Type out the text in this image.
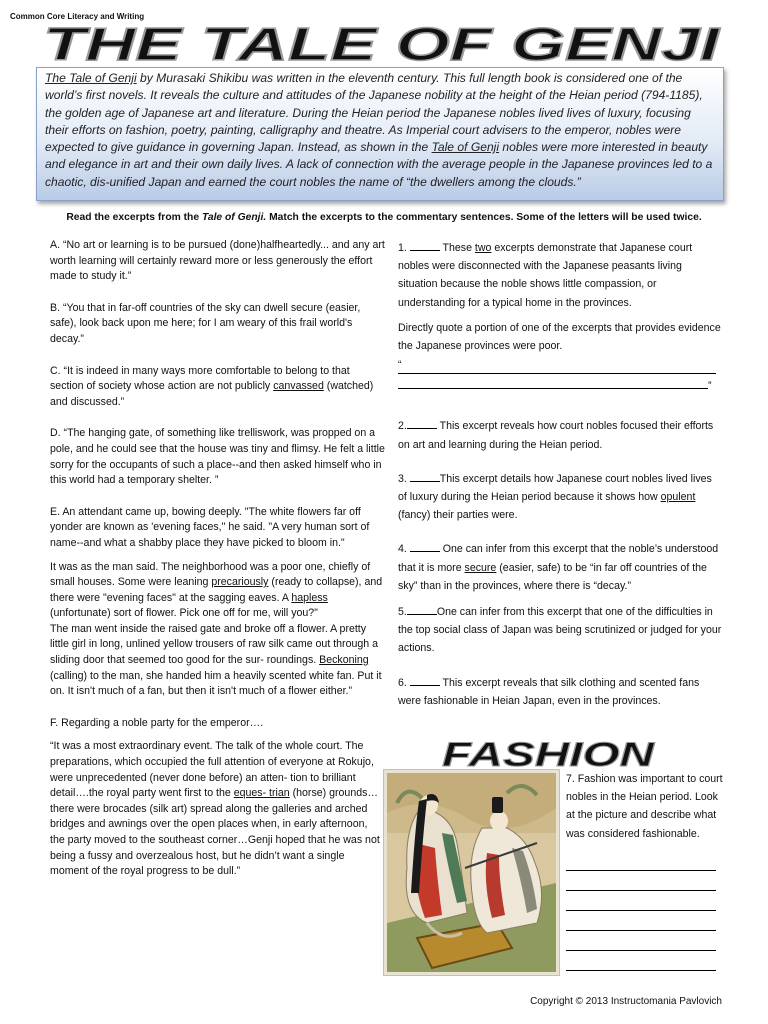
Common Core Literacy and Writing
THE TALE OF GENJI
The Tale of Genji by Murasaki Shikibu was written in the eleventh century. This full length book is considered one of the world’s first novels. It reveals the culture and attitudes of the Japanese nobility at the height of the Heian period (794-1185), the golden age of Japanese art and literature. During the Heian period the Japanese nobles lived lives of luxury, focusing their efforts on fashion, poetry, painting, calligraphy and theatre. As Imperial court advisers to the emperor, nobles were expected to give guidance in governing Japan. Instead, as shown in the Tale of Genji nobles were more interested in beauty and elegance in art and their own daily lives. A lack of connection with the average people in the Japanese provinces led to a chaotic, dis-unified Japan and earned the court nobles the name of “the dwellers among the clouds.”
Read the excerpts from the Tale of Genji. Match the excerpts to the commentary sentences. Some of the letters will be used twice.

A. “No art or learning is to be pursued (done)halfheartedly... and any art worth learning will certainly reward more or less generously the effort made to study it.”

B. “You that in far-off countries of the sky can dwell secure (easier, safe), look back upon me here; for I am weary of this frail world's decay.”

C. “It is indeed in many ways more comfortable to belong to that section of society whose action are not publicly canvassed (watched) and discussed.”

D. “The hanging gate, of something like trelliswork, was propped on a pole, and he could see that the house was tiny and flimsy. He felt a little sorry for the occupants of such a place--and then asked himself who in this world had a temporary shelter. ”

E. An attendant came up, bowing deeply. "The white flowers far off yonder are known as 'evening faces," he said. "A very human sort of name--and what a shabby place they have picked to bloom in."

It was as the man said. The neighborhood was a poor one, chiefly of small houses. Some were leaning precariously (ready to collapse), and there were "evening faces" at the sagging eaves. A hapless (unfortunate) sort of flower. Pick one off for me, will you?"

The man went inside the raised gate and broke off a flower. A pretty little girl in long, unlined yellow trousers of raw silk came out through a sliding door that seemed too good for the sur- roundings. Beckoning (calling) to the man, she handed him a heavily scented white fan. Put it on. It isn't much of a fan, but then it isn't much of a flower either.”

F. Regarding a noble party for the emperor….

“It was a most extraordinary event. The talk of the whole court. The preparations, which occupied the full attention of everyone at Rokujo, were unprecedented (never done before) an atten- tion to brilliant detail….the royal party went first to the eques- trian (horse) grounds…there were brocades (silk art) spread along the galleries and arched bridges and awnings over the open places when, in early afternoon, the party moved to the southeast corner…Genji hoped that he was not being a fussy and overzealous host, but he didn’t want a single moment of the royal progress to be dull.”

1.	These two excerpts demonstrate that Japanese court nobles were disconnected with the Japanese peasants living situation because the noble shows little compassion, or understanding for a typical home in the provinces.

Directly quote a portion of one of the excerpts that provides evidence the Japanese provinces were poor.

“
”

2.	This excerpt reveals how court nobles focused their efforts on art and learning during the Heian period.

3.	This excerpt details how Japanese court nobles lived lives of luxury during the Heian period because it shows how opulent (fancy) their parties were.

4.	One can infer from this excerpt that the noble’s understood that it is more secure (easier, safe) to be “in far off countries of the sky” than in the provinces, where there is “decay.”

5.	One can infer from this excerpt that one of the difficulties in the top social class of Japan was being scrutinized or judged for your actions.

6.	This excerpt reveals that silk clothing and scented fans were fashionable in Heian Japan, even in the provinces.

FASHION

7. Fashion was important to court nobles in the Heian period. Look at the picture and describe what was considered fashionable.

Copyright © 2013 Instructomania Pavlovich
